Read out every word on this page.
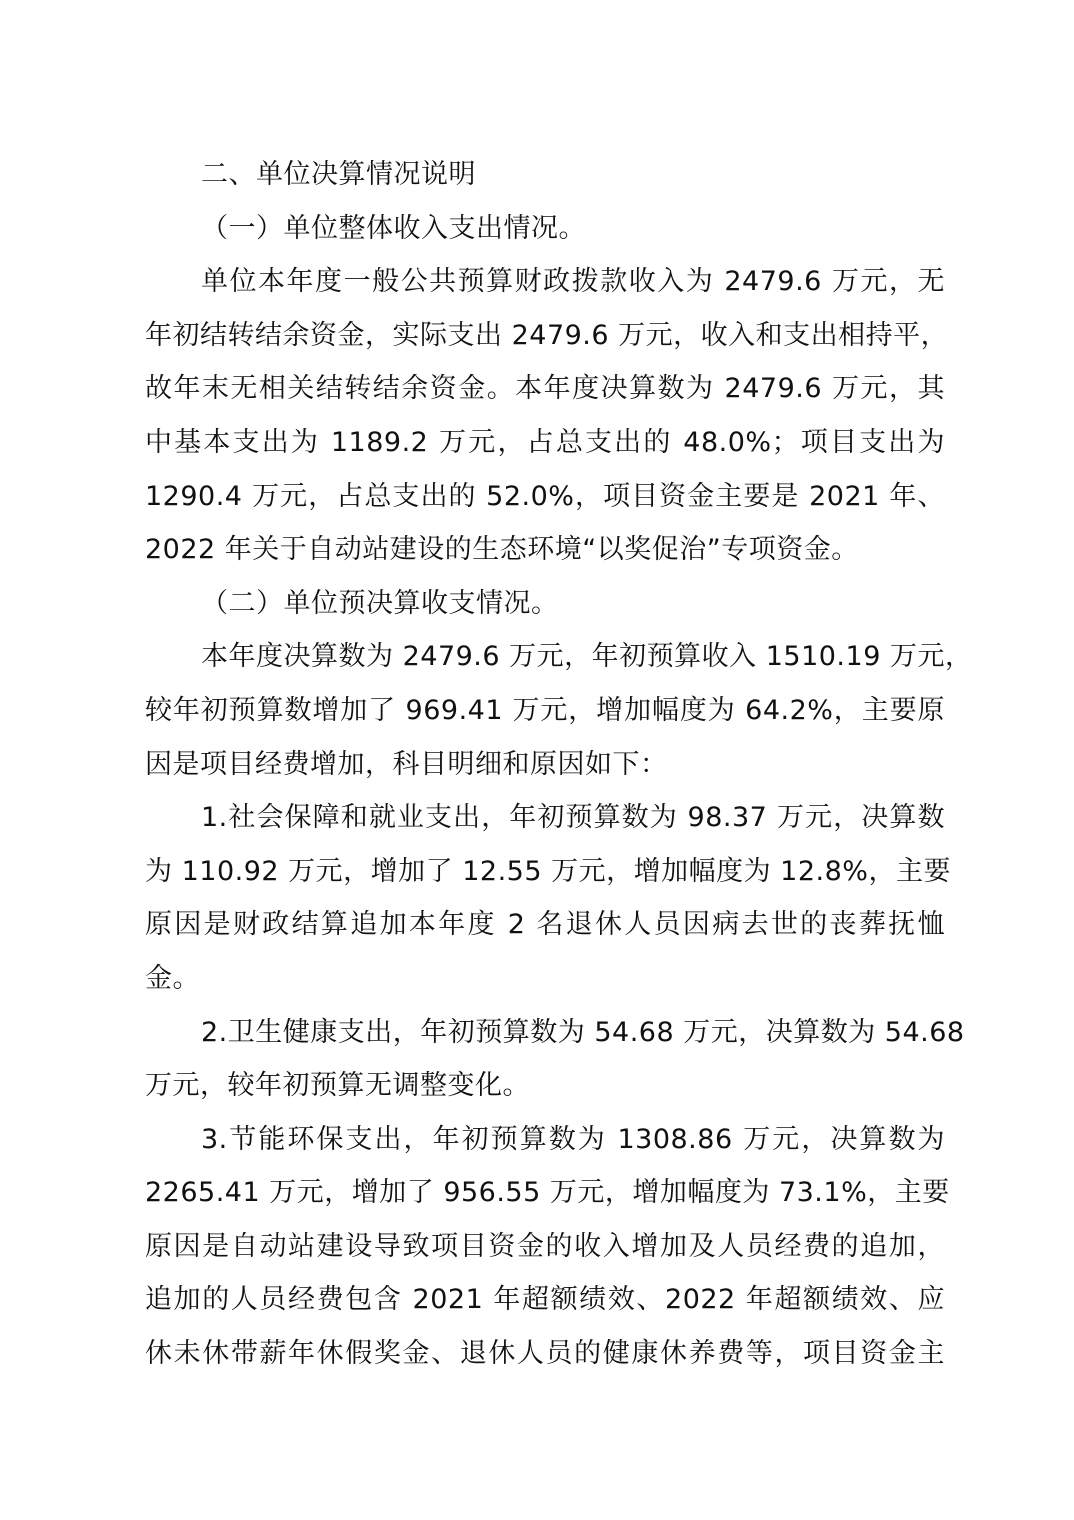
二、单位决算情况说明
（一）单位整体收入支出情况。
单位本年度一般公共预算财政拨款收入为 2479.6 万元，无
年初结转结余资金，实际支出 2479.6 万元，收入和支出相持平，
故年末无相关结转结余资金。本年度决算数为 2479.6 万元，其
中基本支出为 1189.2 万元，占总支出的 48.0%；项目支出为
1290.4 万元，占总支出的 52.0%，项目资金主要是 2021 年、
2022 年关于自动站建设的生态环境“以奖促治”专项资金。
（二）单位预决算收支情况。
本年度决算数为 2479.6 万元，年初预算收入 1510.19 万元，
较年初预算数增加了 969.41 万元，增加幅度为 64.2%，主要原
因是项目经费增加，科目明细和原因如下：
1.社会保障和就业支出，年初预算数为 98.37 万元，决算数
为 110.92 万元，增加了 12.55 万元，增加幅度为 12.8%，主要
原因是财政结算追加本年度 2 名退休人员因病去世的丧葬抚恤
金。
2.卫生健康支出，年初预算数为 54.68 万元，决算数为 54.68
万元，较年初预算无调整变化。
3.节能环保支出，年初预算数为 1308.86 万元，决算数为
2265.41 万元，增加了 956.55 万元，增加幅度为 73.1%，主要
原因是自动站建设导致项目资金的收入增加及人员经费的追加，
追加的人员经费包含 2021 年超额绩效、2022 年超额绩效、应
休未休带薪年休假奖金、退休人员的健康休养费等，项目资金主
